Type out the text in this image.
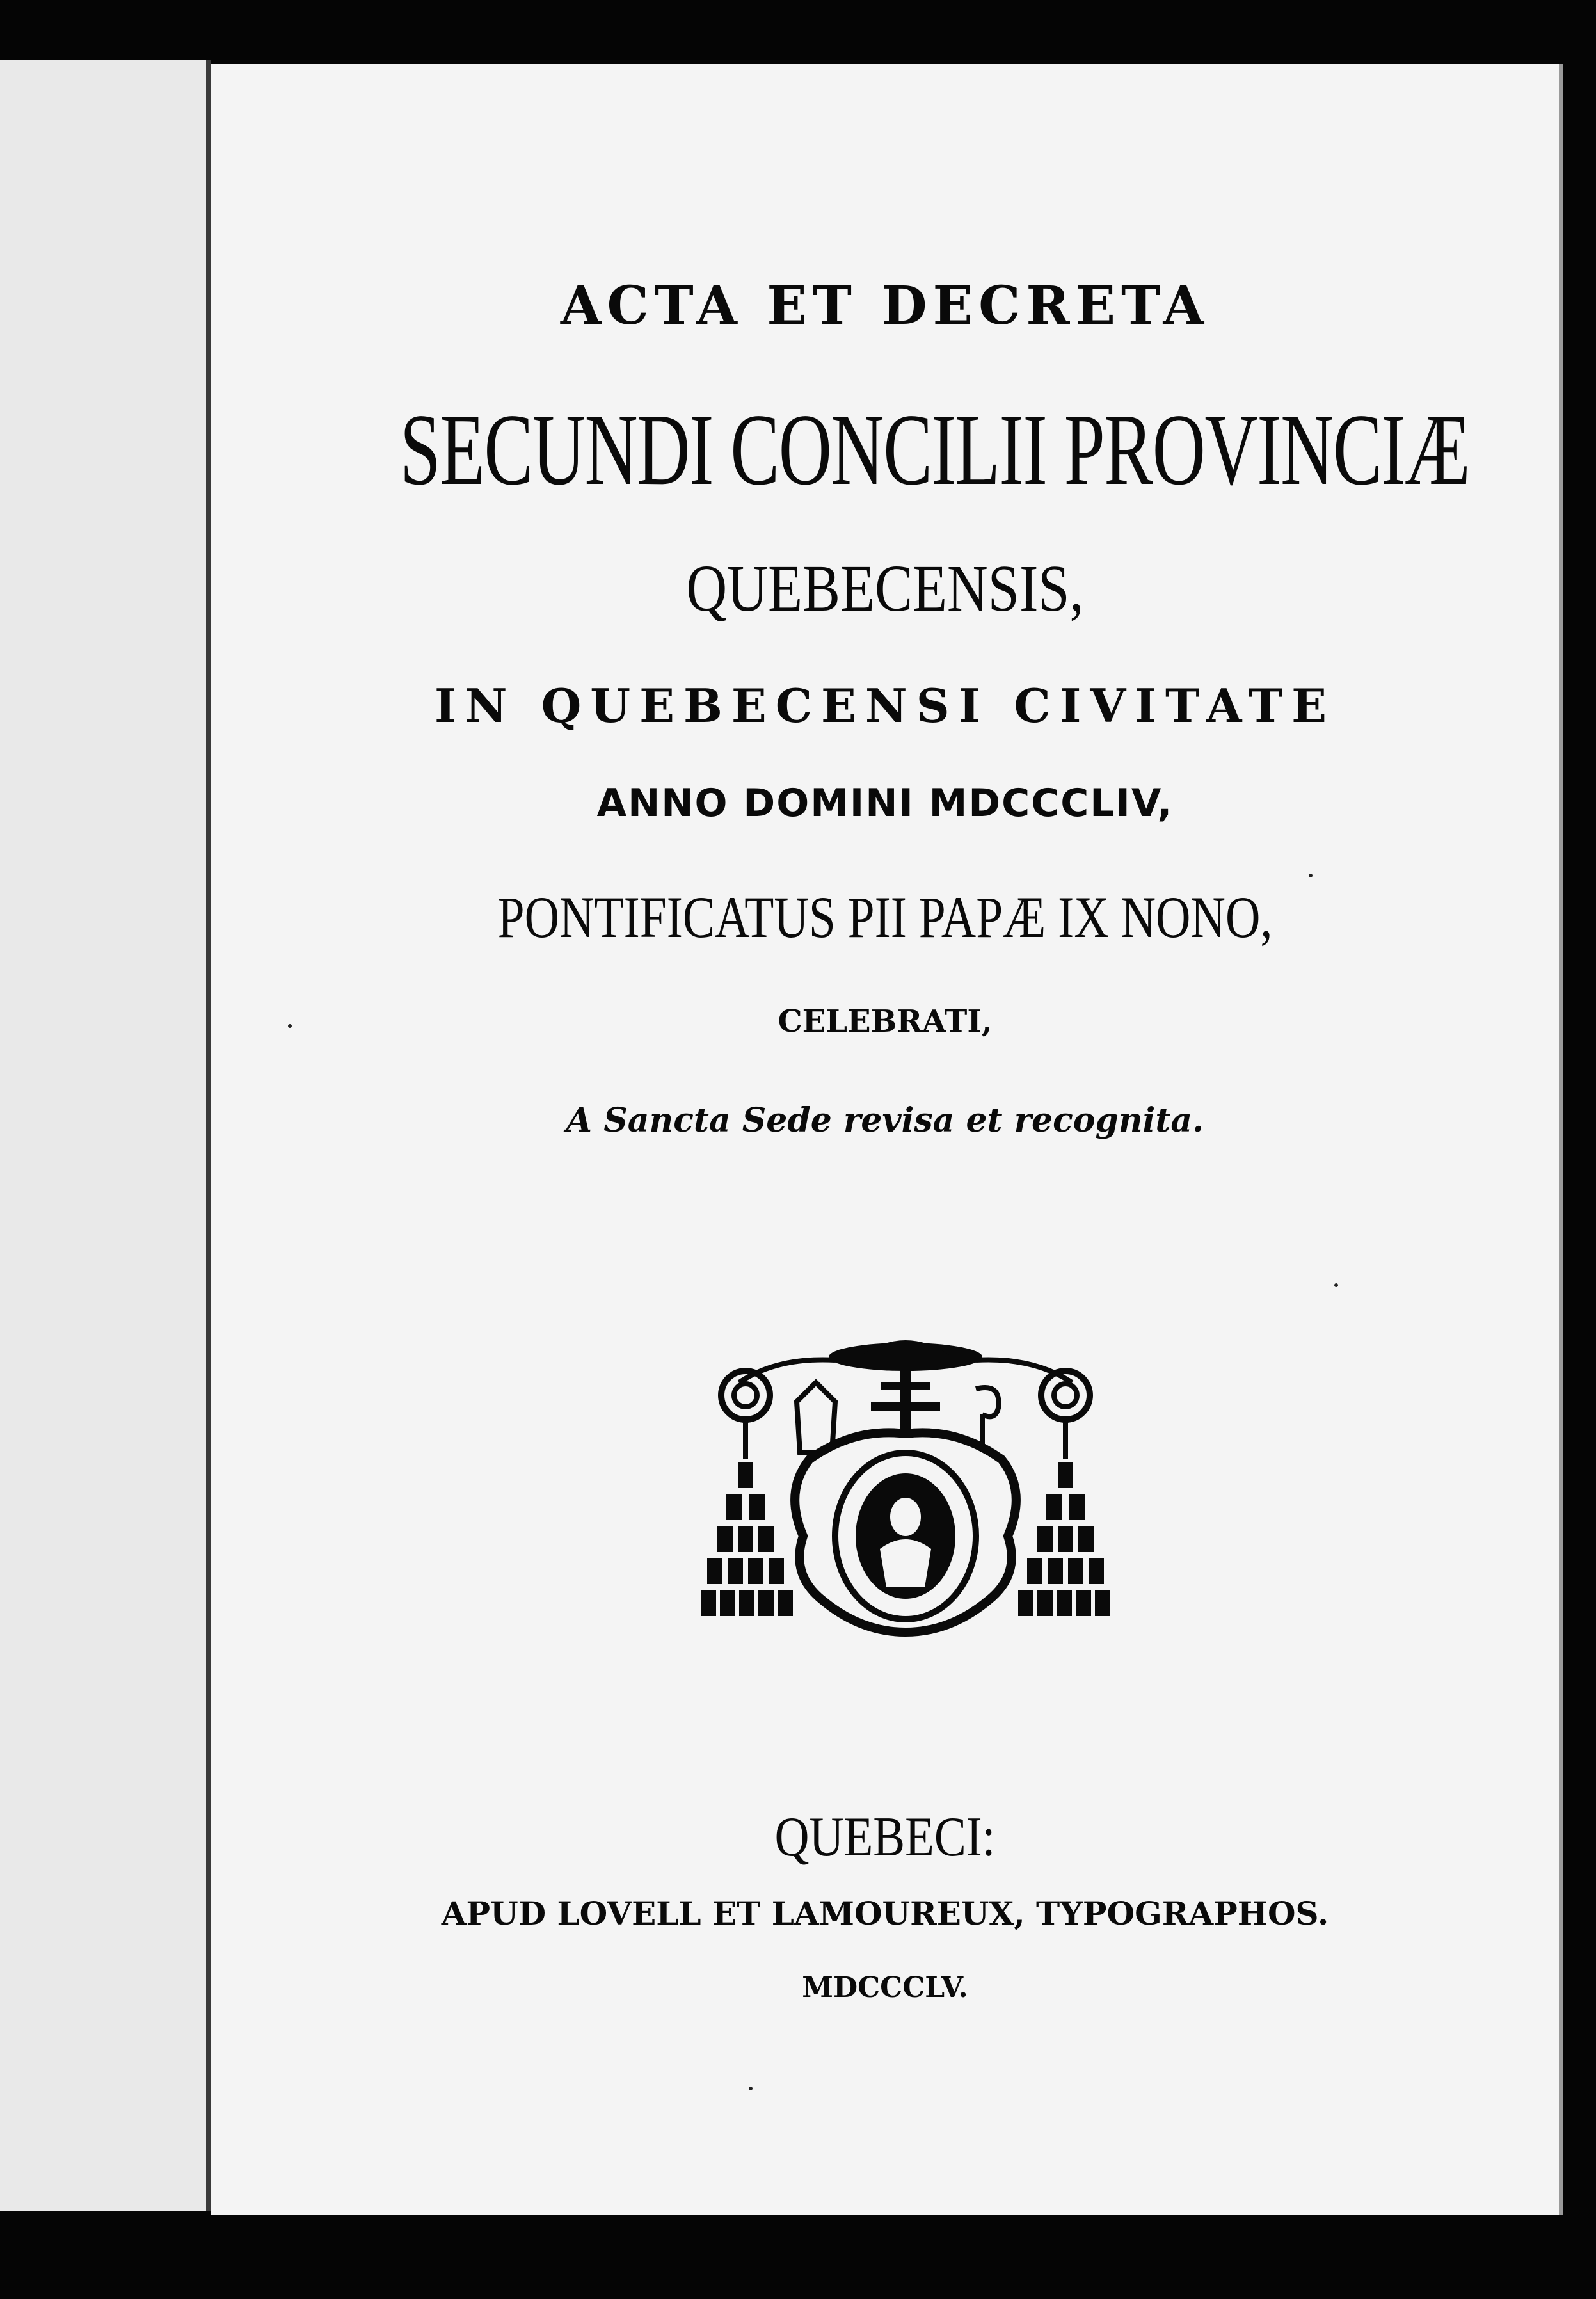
ACTA ET DECRETA

SECUNDI CONCILII PROVINCIÆ

QUEBECENSIS,

IN QUEBECENSI CIVITATE

ANNO DOMINI MDCCCLIV,

PONTIFICATUS PII PAPÆ IX NONO,

CELEBRATI,

A Sancta Sede revisa et recognita.

QUEBECI:

APUD LOVELL ET LAMOUREUX, TYPOGRAPHOS.

MDCCCLV.
